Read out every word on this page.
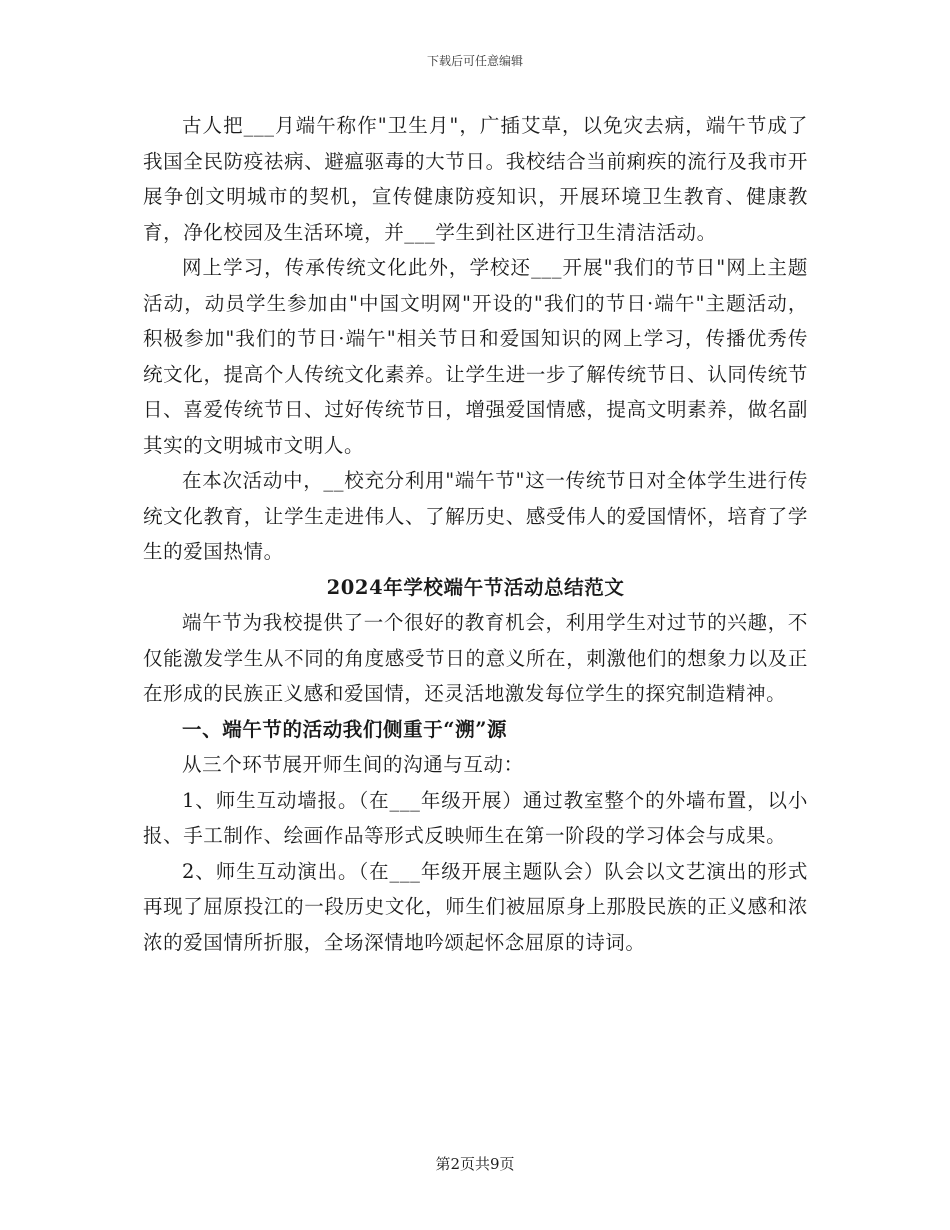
下载后可任意编辑

古人把___月端午称作"卫生月"，广插艾草，以免灾去病，端午节成了我国全民防疫祛病、避瘟驱毒的大节日。我校结合当前痢疾的流行及我市开展争创文明城市的契机，宣传健康防疫知识，开展环境卫生教育、健康教育，净化校园及生活环境，并___学生到社区进行卫生清洁活动。

网上学习，传承传统文化此外，学校还___开展"我们的节日"网上主题活动，动员学生参加由"中国文明网"开设的"我们的节日·端午"主题活动，积极参加"我们的节日·端午"相关节日和爱国知识的网上学习，传播优秀传统文化，提高个人传统文化素养。让学生进一步了解传统节日、认同传统节日、喜爱传统节日、过好传统节日，增强爱国情感，提高文明素养，做名副其实的文明城市文明人。

在本次活动中，__校充分利用"端午节"这一传统节日对全体学生进行传统文化教育，让学生走进伟人、了解历史、感受伟人的爱国情怀，培育了学生的爱国热情。

2024年学校端午节活动总结范文

端午节为我校提供了一个很好的教育机会，利用学生对过节的兴趣，不仅能激发学生从不同的角度感受节日的意义所在，刺激他们的想象力以及正在形成的民族正义感和爱国情，还灵活地激发每位学生的探究制造精神。

一、端午节的活动我们侧重于“溯”源

从三个环节展开师生间的沟通与互动：

1、师生互动墙报。（在___年级开展）通过教室整个的外墙布置，以小报、手工制作、绘画作品等形式反映师生在第一阶段的学习体会与成果。

2、师生互动演出。（在___年级开展主题队会）队会以文艺演出的形式再现了屈原投江的一段历史文化，师生们被屈原身上那股民族的正义感和浓浓的爱国情所折服，全场深情地吟颂起怀念屈原的诗词。

第2页共9页
